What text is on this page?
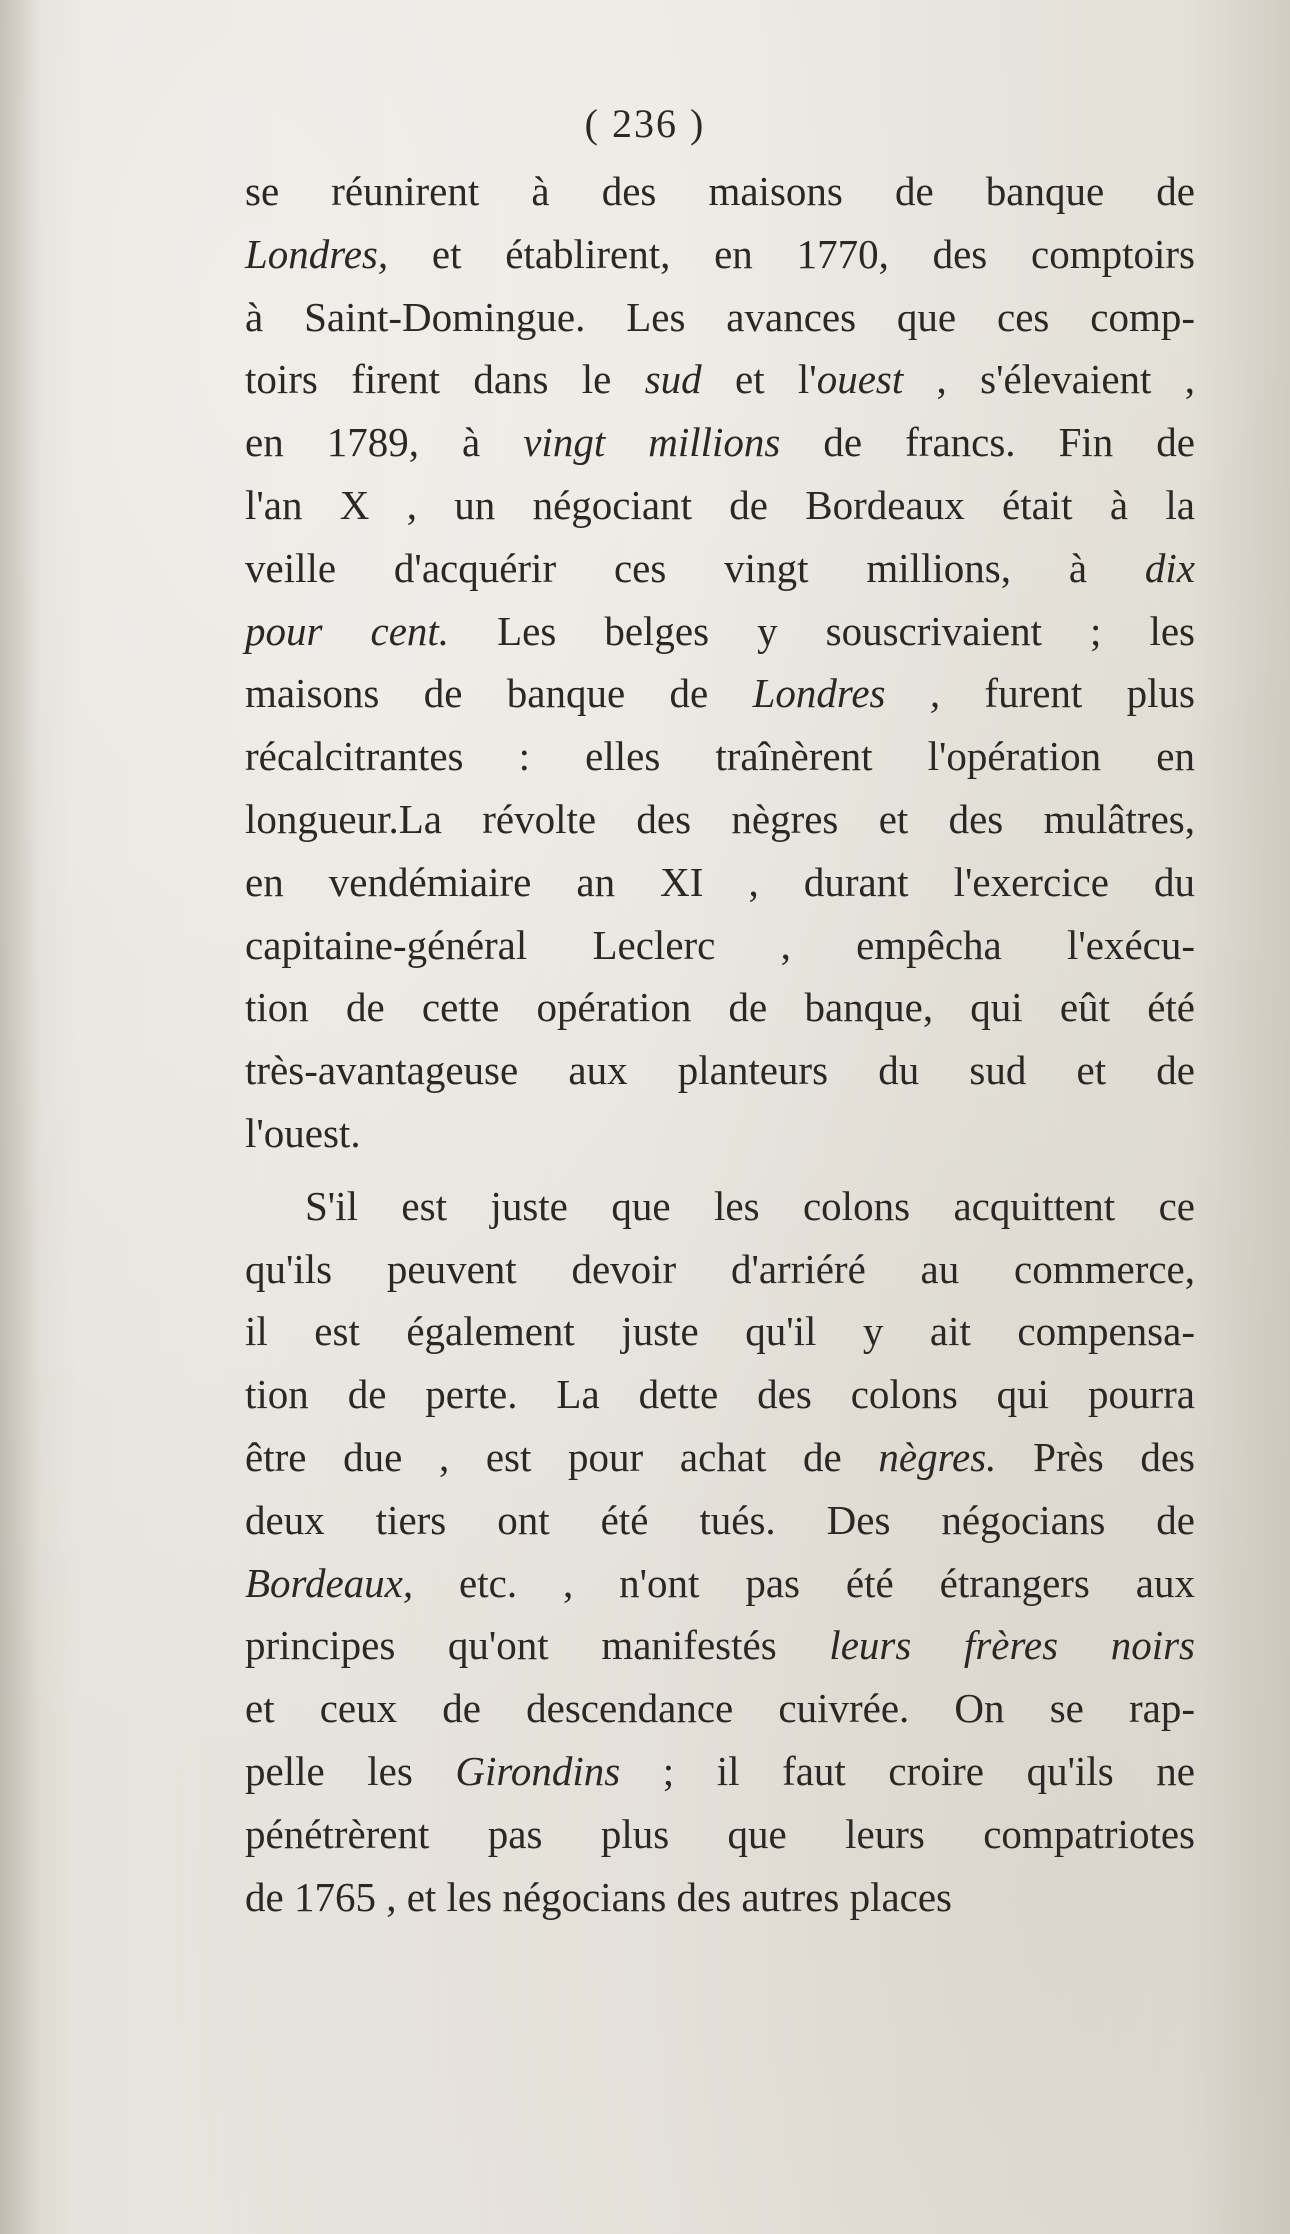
( 236 )
se réunirent à des maisons de banque de
Londres, et établirent, en 1770, des comptoirs
à Saint-Domingue. Les avances que ces comp-
toirs firent dans le sud et l'ouest , s'élevaient ,
en 1789, à vingt millions de francs. Fin de
l'an X , un négociant de Bordeaux était à la
veille d'acquérir ces vingt millions, à dix
pour cent. Les belges y souscrivaient ; les
maisons de banque de Londres , furent plus
récalcitrantes : elles traînèrent l'opération en
longueur.La révolte des nègres et des mulâtres,
en vendémiaire an XI , durant l'exercice du
capitaine-général Leclerc , empêcha l'exécu-
tion de cette opération de banque, qui eût été
très-avantageuse aux planteurs du sud et de
l'ouest.
S'il est juste que les colons acquittent ce
qu'ils peuvent devoir d'arriéré au commerce,
il est également juste qu'il y ait compensa-
tion de perte. La dette des colons qui pourra
être due , est pour achat de nègres. Près des
deux tiers ont été tués. Des négocians de
Bordeaux, etc. , n'ont pas été étrangers aux
principes qu'ont manifestés leurs frères noirs
et ceux de descendance cuivrée. On se rap-
pelle les Girondins ; il faut croire qu'ils ne
pénétrèrent pas plus que leurs compatriotes
de 1765 , et les négocians des autres places
